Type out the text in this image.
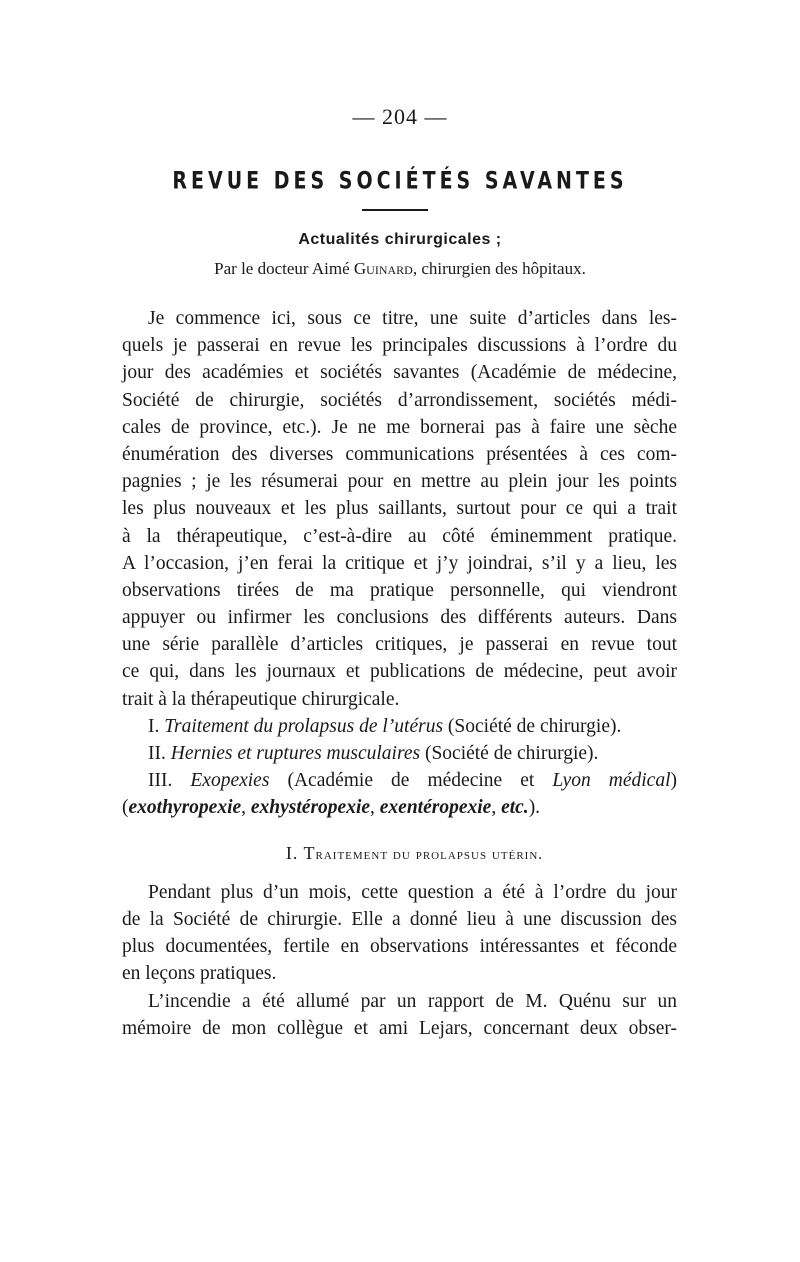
— 204 —
REVUE DES SOCIÉTÉS SAVANTES
Actualités chirurgicales ;
Par le docteur Aimé Guinard, chirurgien des hôpitaux.
Je commence ici, sous ce titre, une suite d’articles dans les-
quels je passerai en revue les principales discussions à l’ordre du
jour des académies et sociétés savantes (Académie de médecine,
Société de chirurgie, sociétés d’arrondissement, sociétés médi-
cales de province, etc.). Je ne me bornerai pas à faire une sèche
énumération des diverses communications présentées à ces com-
pagnies ; je les résumerai pour en mettre au plein jour les points
les plus nouveaux et les plus saillants, surtout pour ce qui a trait
à la thérapeutique, c’est-à-dire au côté éminemment pratique.
A l’occasion, j’en ferai la critique et j’y joindrai, s’il y a lieu, les
observations tirées de ma pratique personnelle, qui viendront
appuyer ou infirmer les conclusions des différents auteurs. Dans
une série parallèle d’articles critiques, je passerai en revue tout
ce qui, dans les journaux et publications de médecine, peut avoir
trait à la thérapeutique chirurgicale.
I. Traitement du prolapsus de l’utérus (Société de chirurgie).
II. Hernies et ruptures musculaires (Société de chirurgie).
III. Exopexies (Académie de médecine et Lyon médical)
(exothyropexie, exhystéropexie, exentéropexie, etc.).
I. Traitement du prolapsus utérin.
Pendant plus d’un mois, cette question a été à l’ordre du jour
de la Société de chirurgie. Elle a donné lieu à une discussion des
plus documentées, fertile en observations intéressantes et féconde
en leçons pratiques.
L’incendie a été allumé par un rapport de M. Quénu sur un
mémoire de mon collègue et ami Lejars, concernant deux obser-
